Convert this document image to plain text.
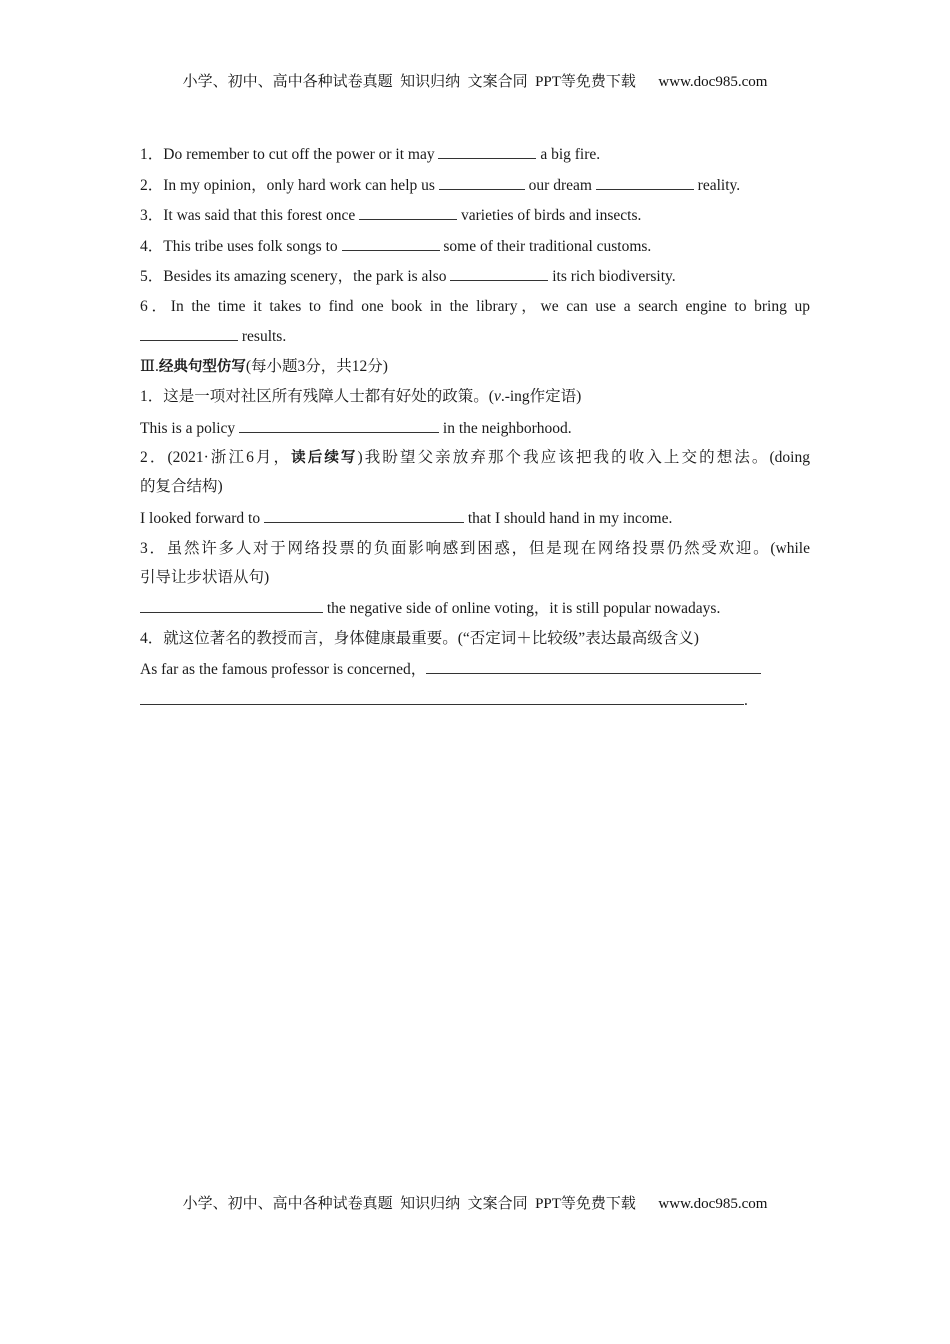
小学、初中、高中各种试卷真题  知识归纳  文案合同  PPT等免费下载      www.doc985.com
1．Do remember to cut off the power or it may	a big fire.
2．In my opinion，only hard work can help us	our dream	reality.
3．It was said that this forest once	varieties of birds and insects.
4．This tribe uses folk songs to	some of their traditional customs.
5．Besides its amazing scenery，the park is also	its rich biodiversity.
6．In the time it takes to find one book in the library，we can use a search engine to bring up
results.
Ⅲ.经典句型仿写(每小题3分，共12分)
1．这是一项对社区所有残障人士都有好处的政策。(v.-ing作定语)
This is a policy	in the neighborhood.
2．(2021·浙江6月，读后续写)我盼望父亲放弃那个我应该把我的收入上交的想法。(doing
的复合结构)
I looked forward to	that I should hand in my income.
3．虽然许多人对于网络投票的负面影响感到困惑，但是现在网络投票仍然受欢迎。(while
引导让步状语从句)
the negative side of online voting，it is still popular nowadays.
4．就这位著名的教授而言，身体健康最重要。(“否定词＋比较级”表达最高级含义)
As far as the famous professor is concerned，
.
小学、初中、高中各种试卷真题  知识归纳  文案合同  PPT等免费下载      www.doc985.com
